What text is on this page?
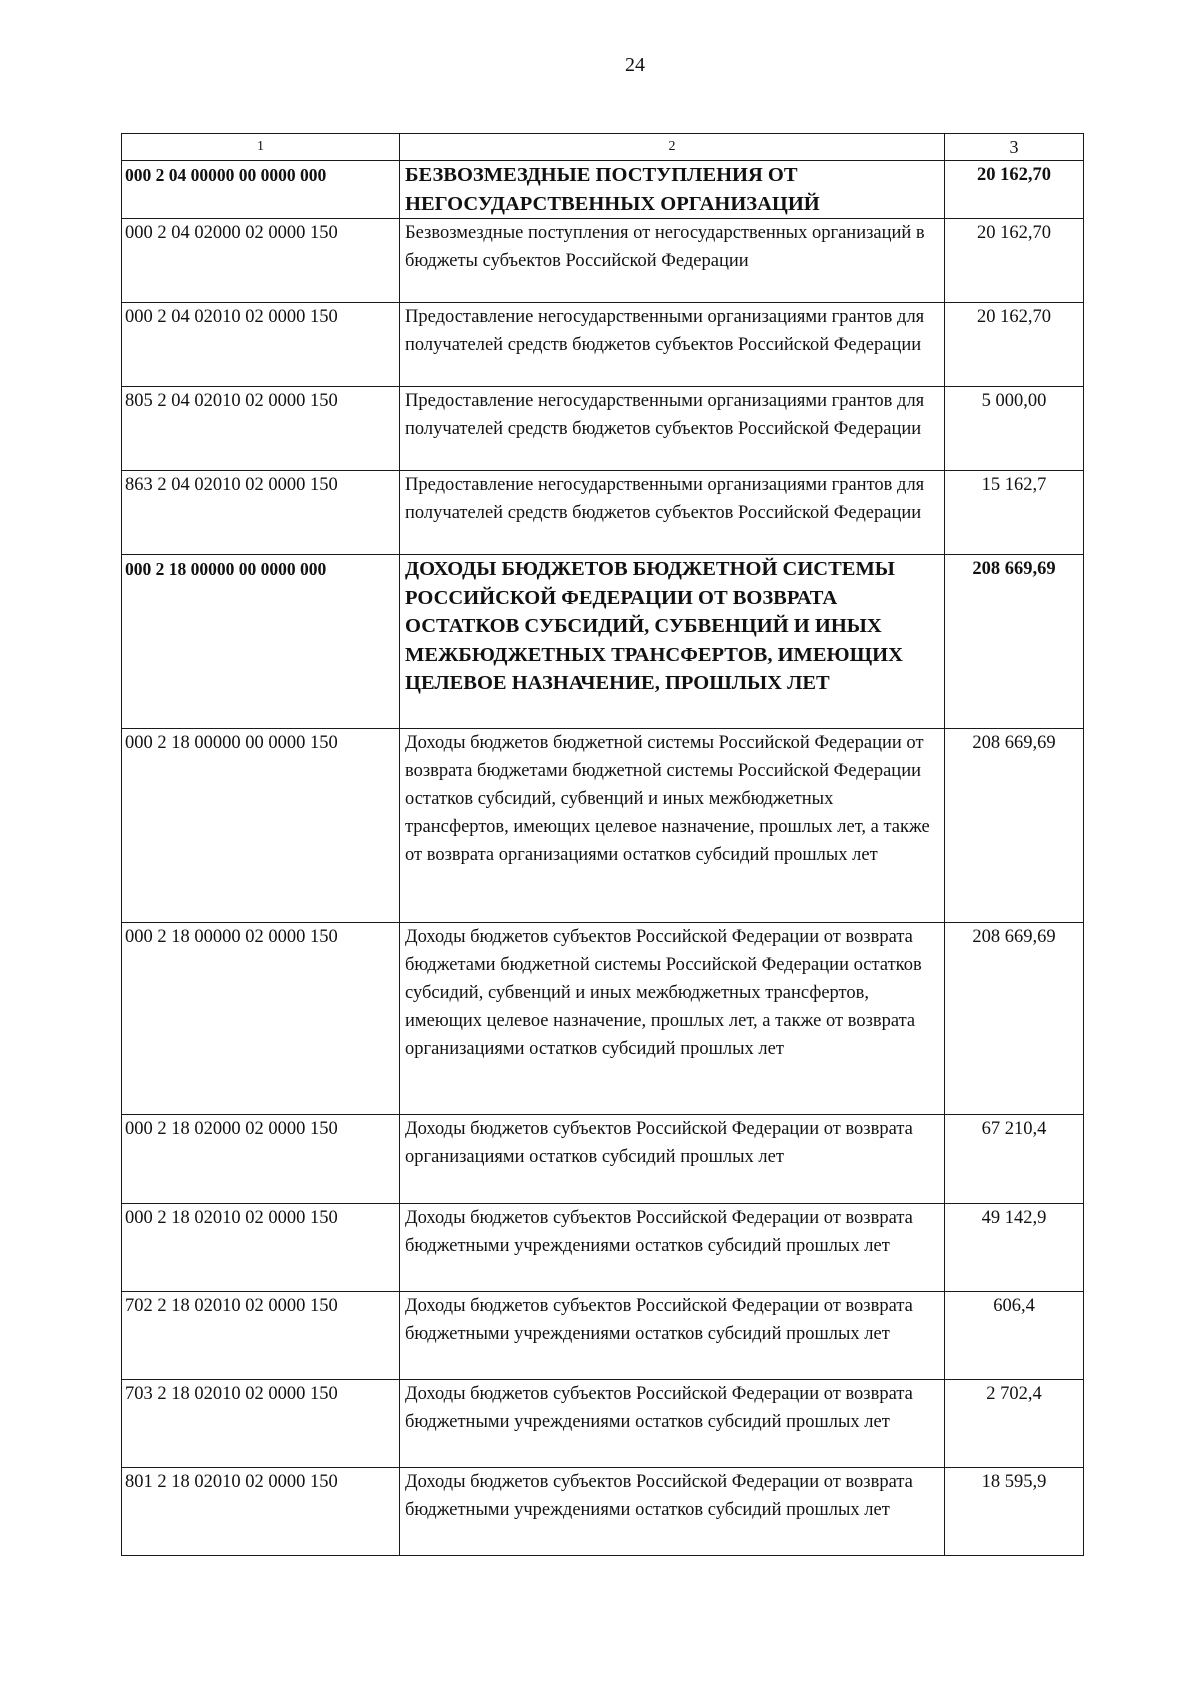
24
1	2	3
000 2 04 00000 00 0000 000	БЕЗВОЗМЕЗДНЫЕ ПОСТУПЛЕНИЯ ОТ НЕГОСУДАРСТВЕННЫХ ОРГАНИЗАЦИЙ	20 162,70
000 2 04 02000 02 0000 150	Безвозмездные поступления от негосударственных организаций в бюджеты субъектов Российской Федерации	20 162,70
000 2 04 02010 02 0000 150	Предоставление негосударственными организациями грантов для получателей средств бюджетов субъектов Российской Федерации	20 162,70
805 2 04 02010 02 0000 150	Предоставление негосударственными организациями грантов для получателей средств бюджетов субъектов Российской Федерации	5 000,00
863 2 04 02010 02 0000 150	Предоставление негосударственными организациями грантов для получателей средств бюджетов субъектов Российской Федерации	15 162,7
000 2 18 00000 00 0000 000	ДОХОДЫ БЮДЖЕТОВ БЮДЖЕТНОЙ СИСТЕМЫ РОССИЙСКОЙ ФЕДЕРАЦИИ ОТ ВОЗВРАТА ОСТАТКОВ СУБСИДИЙ, СУБВЕНЦИЙ И ИНЫХ МЕЖБЮДЖЕТНЫХ ТРАНСФЕРТОВ, ИМЕЮЩИХ ЦЕЛЕВОЕ НАЗНАЧЕНИЕ, ПРОШЛЫХ ЛЕТ	208 669,69
000 2 18 00000 00 0000 150	Доходы бюджетов бюджетной системы Российской Федерации от возврата бюджетами бюджетной системы Российской Федерации остатков субсидий, субвенций и иных межбюджетных трансфертов, имеющих целевое назначение, прошлых лет, а также от возврата организациями остатков субсидий прошлых лет	208 669,69
000 2 18 00000 02 0000 150	Доходы бюджетов субъектов Российской Федерации от возврата бюджетами бюджетной системы Российской Федерации остатков субсидий, субвенций и иных межбюджетных трансфертов, имеющих целевое назначение, прошлых лет, а также от возврата организациями остатков субсидий прошлых лет	208 669,69
000 2 18 02000 02 0000 150	Доходы бюджетов субъектов Российской Федерации от возврата организациями остатков субсидий прошлых лет	67 210,4
000 2 18 02010 02 0000 150	Доходы бюджетов субъектов Российской Федерации от возврата бюджетными учреждениями остатков субсидий прошлых лет	49 142,9
702 2 18 02010 02 0000 150	Доходы бюджетов субъектов Российской Федерации от возврата бюджетными учреждениями остатков субсидий прошлых лет	606,4
703 2 18 02010 02 0000 150	Доходы бюджетов субъектов Российской Федерации от возврата бюджетными учреждениями остатков субсидий прошлых лет	2 702,4
801 2 18 02010 02 0000 150	Доходы бюджетов субъектов Российской Федерации от возврата бюджетными учреждениями остатков субсидий прошлых лет	18 595,9
